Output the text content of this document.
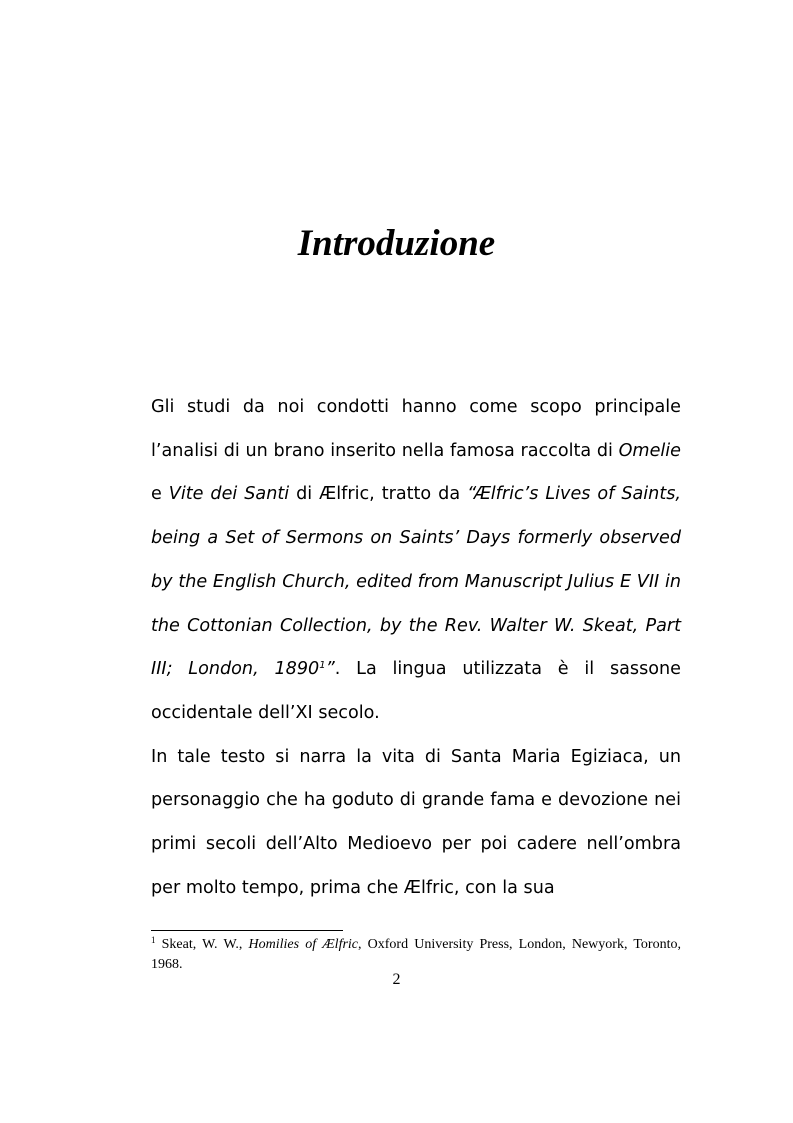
Introduzione

Gli studi da noi condotti hanno come scopo principale l’analisi di un brano inserito nella famosa raccolta di Omelie e Vite dei Santi di Ælfric, tratto da “Ælfric’s Lives of Saints, being a Set of Sermons on Saints’ Days formerly observed by the English Church, edited from Manuscript Julius E VII in the Cottonian Collection, by the Rev. Walter W. Skeat, Part III; London, 1890$^1$”. La lingua utilizzata è il sassone occidentale dell’XI secolo.

In tale testo si narra la vita di Santa Maria Egiziaca, un personaggio che ha goduto di grande fama e devozione nei primi secoli dell’Alto Medioevo per poi cadere nell’ombra per molto tempo, prima che Ælfric, con la sua

$^1$ Skeat, W. W., Homilies of Ælfric, Oxford University Press, London, Newyork, Toronto, 1968.

2
